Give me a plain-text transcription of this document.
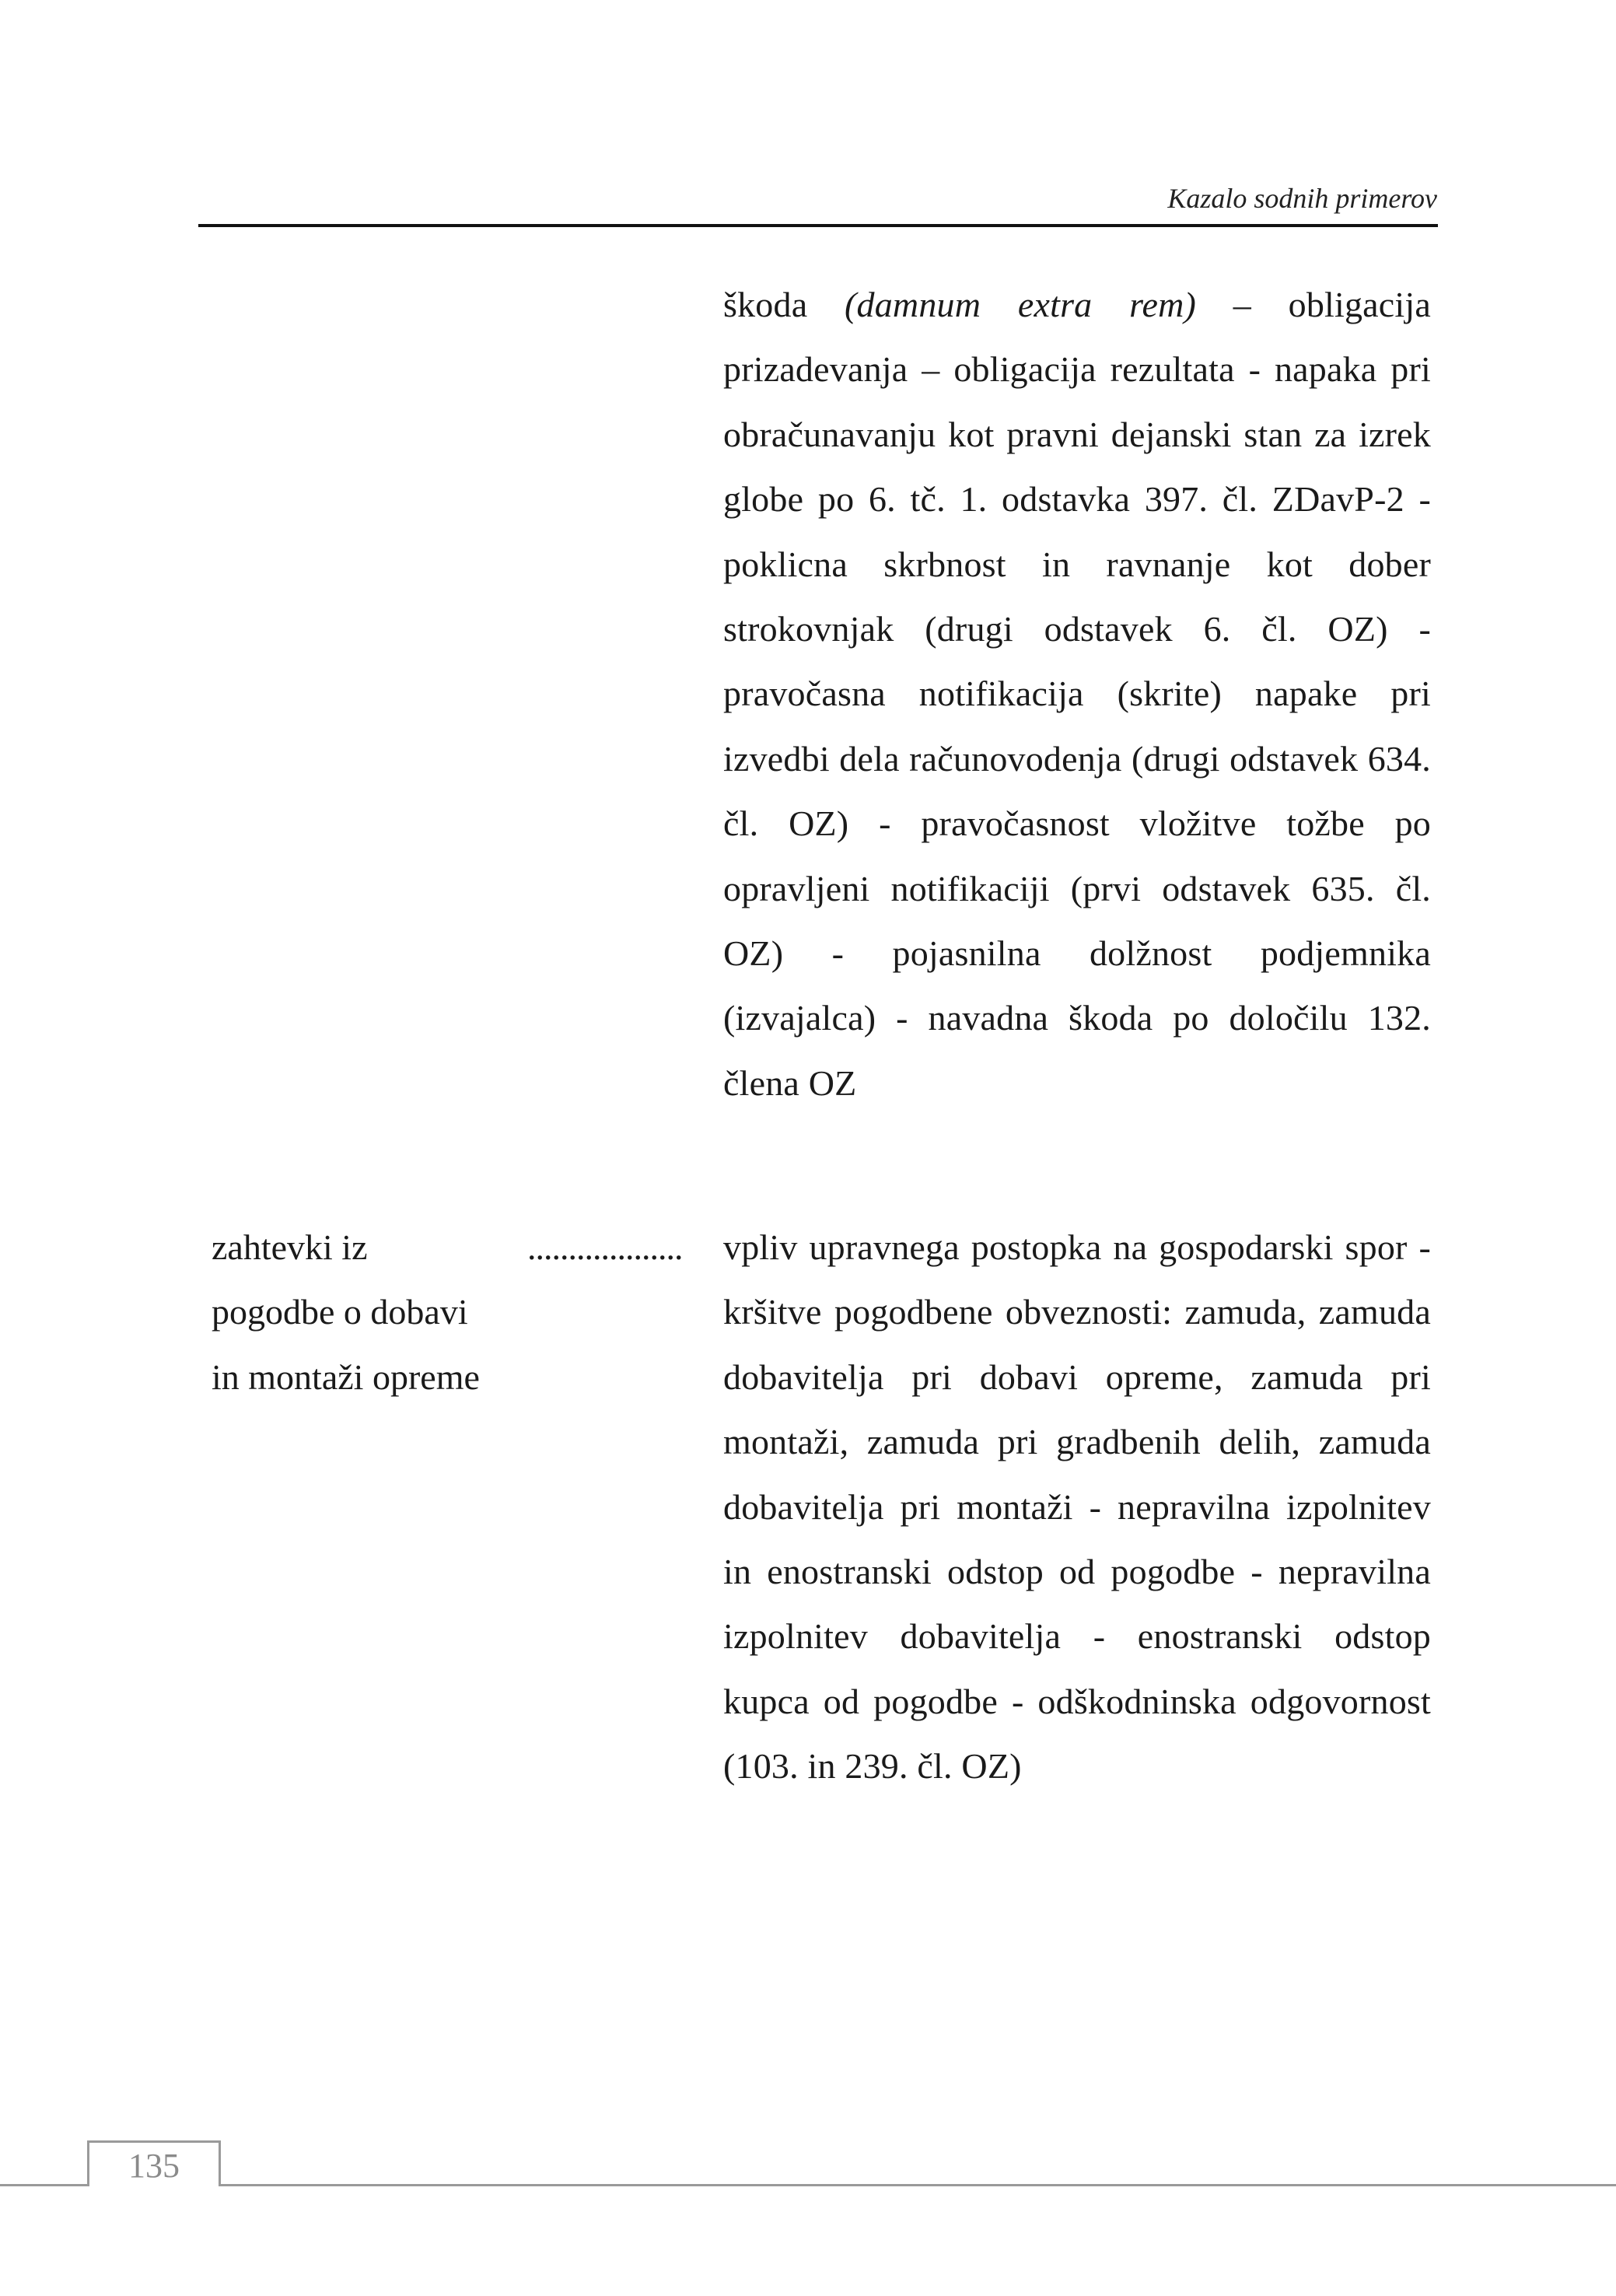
Kazalo sodnih primerov
škoda (damnum extra rem) – obligacija prizadevanja – obligacija rezultata - napaka pri obračunavanju kot pravni dejanski stan za izrek globe po 6. tč. 1. odstavka 397. čl. ZDavP-2 - poklicna skrbnost in ravnanje kot dober strokovnjak (drugi odstavek 6. čl. OZ) - pravočasna notifikacija (skrite) napake pri izvedbi dela računovodenja (drugi odstavek 634. čl. OZ) - pravočasnost vložitve tožbe po opravljeni notifikaciji (prvi odstavek 635. čl. OZ) - pojasnilna dolžnost podjemnika (izvajalca) - navadna škoda po določilu 132. člena OZ
zahtevki iz
pogodbe o dobavi
in montaži opreme
................... vpliv upravnega postopka na gospodarski spor - kršitve pogodbene obveznosti: zamuda, zamuda dobavitelja pri dobavi opreme, zamuda pri montaži, zamuda pri gradbenih delih, zamuda dobavitelja pri montaži - nepravilna izpolnitev in enostranski odstop od pogodbe - nepravilna izpolnitev dobavitelja - enostranski odstop kupca od pogodbe - odškodninska odgovornost (103. in 239. čl. OZ)
135
